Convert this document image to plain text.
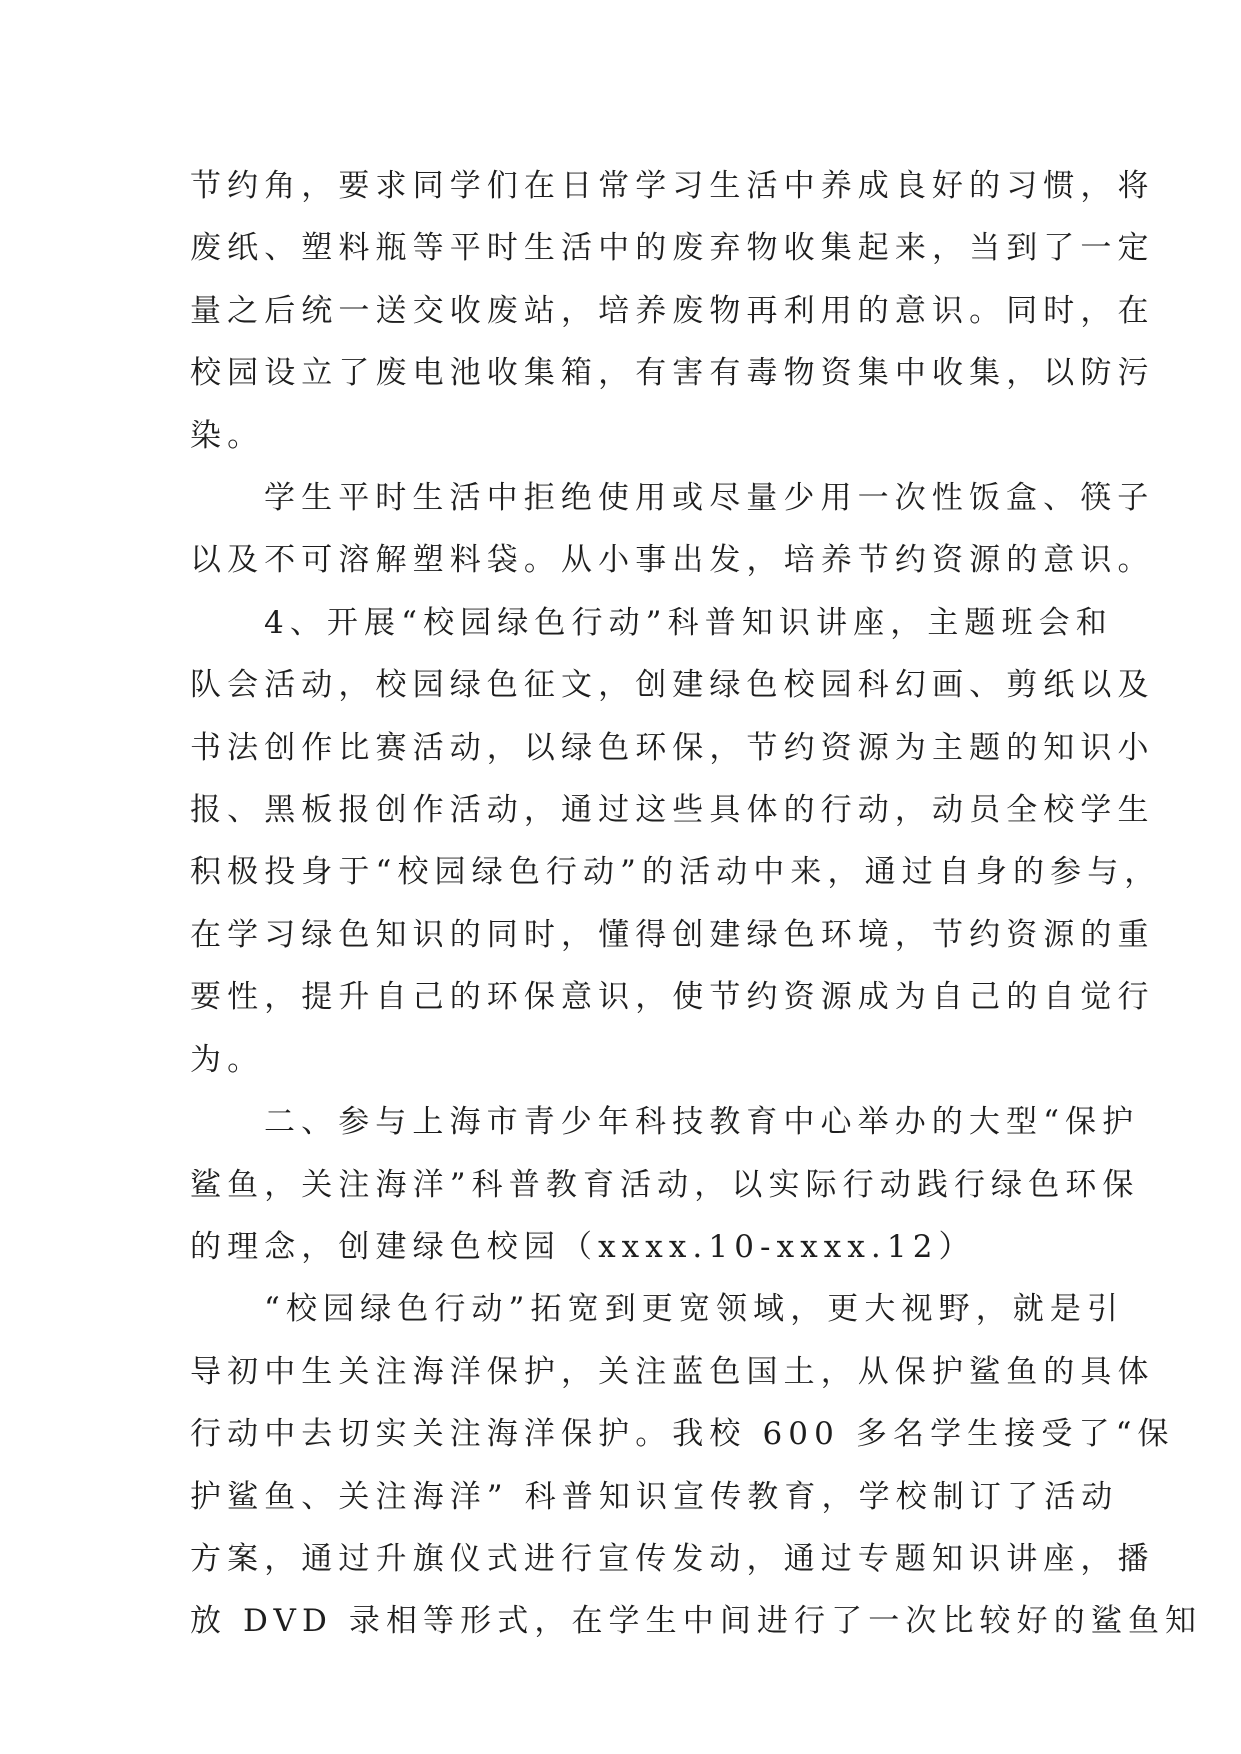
节约角，要求同学们在日常学习生活中养成良好的习惯，将
废纸、塑料瓶等平时生活中的废弃物收集起来，当到了一定
量之后统一送交收废站，培养废物再利用的意识。同时，在
校园设立了废电池收集箱，有害有毒物资集中收集，以防污
染。

学生平时生活中拒绝使用或尽量少用一次性饭盒、筷子
以及不可溶解塑料袋。从小事出发，培养节约资源的意识。

4、开展“校园绿色行动”科普知识讲座，主题班会和
队会活动，校园绿色征文，创建绿色校园科幻画、剪纸以及
书法创作比赛活动，以绿色环保，节约资源为主题的知识小
报、黑板报创作活动，通过这些具体的行动，动员全校学生
积极投身于“校园绿色行动”的活动中来，通过自身的参与，
在学习绿色知识的同时，懂得创建绿色环境，节约资源的重
要性，提升自己的环保意识，使节约资源成为自己的自觉行
为。

二、参与上海市青少年科技教育中心举办的大型“保护
鲨鱼，关注海洋”科普教育活动，以实际行动践行绿色环保
的理念，创建绿色校园（xxxx.10-xxxx.12）

“校园绿色行动”拓宽到更宽领域，更大视野，就是引
导初中生关注海洋保护，关注蓝色国土，从保护鲨鱼的具体
行动中去切实关注海洋保护。我校 600 多名学生接受了“保
护鲨鱼、关注海洋” 科普知识宣传教育，学校制订了活动
方案，通过升旗仪式进行宣传发动，通过专题知识讲座，播
放 DVD 录相等形式，在学生中间进行了一次比较好的鲨鱼知
